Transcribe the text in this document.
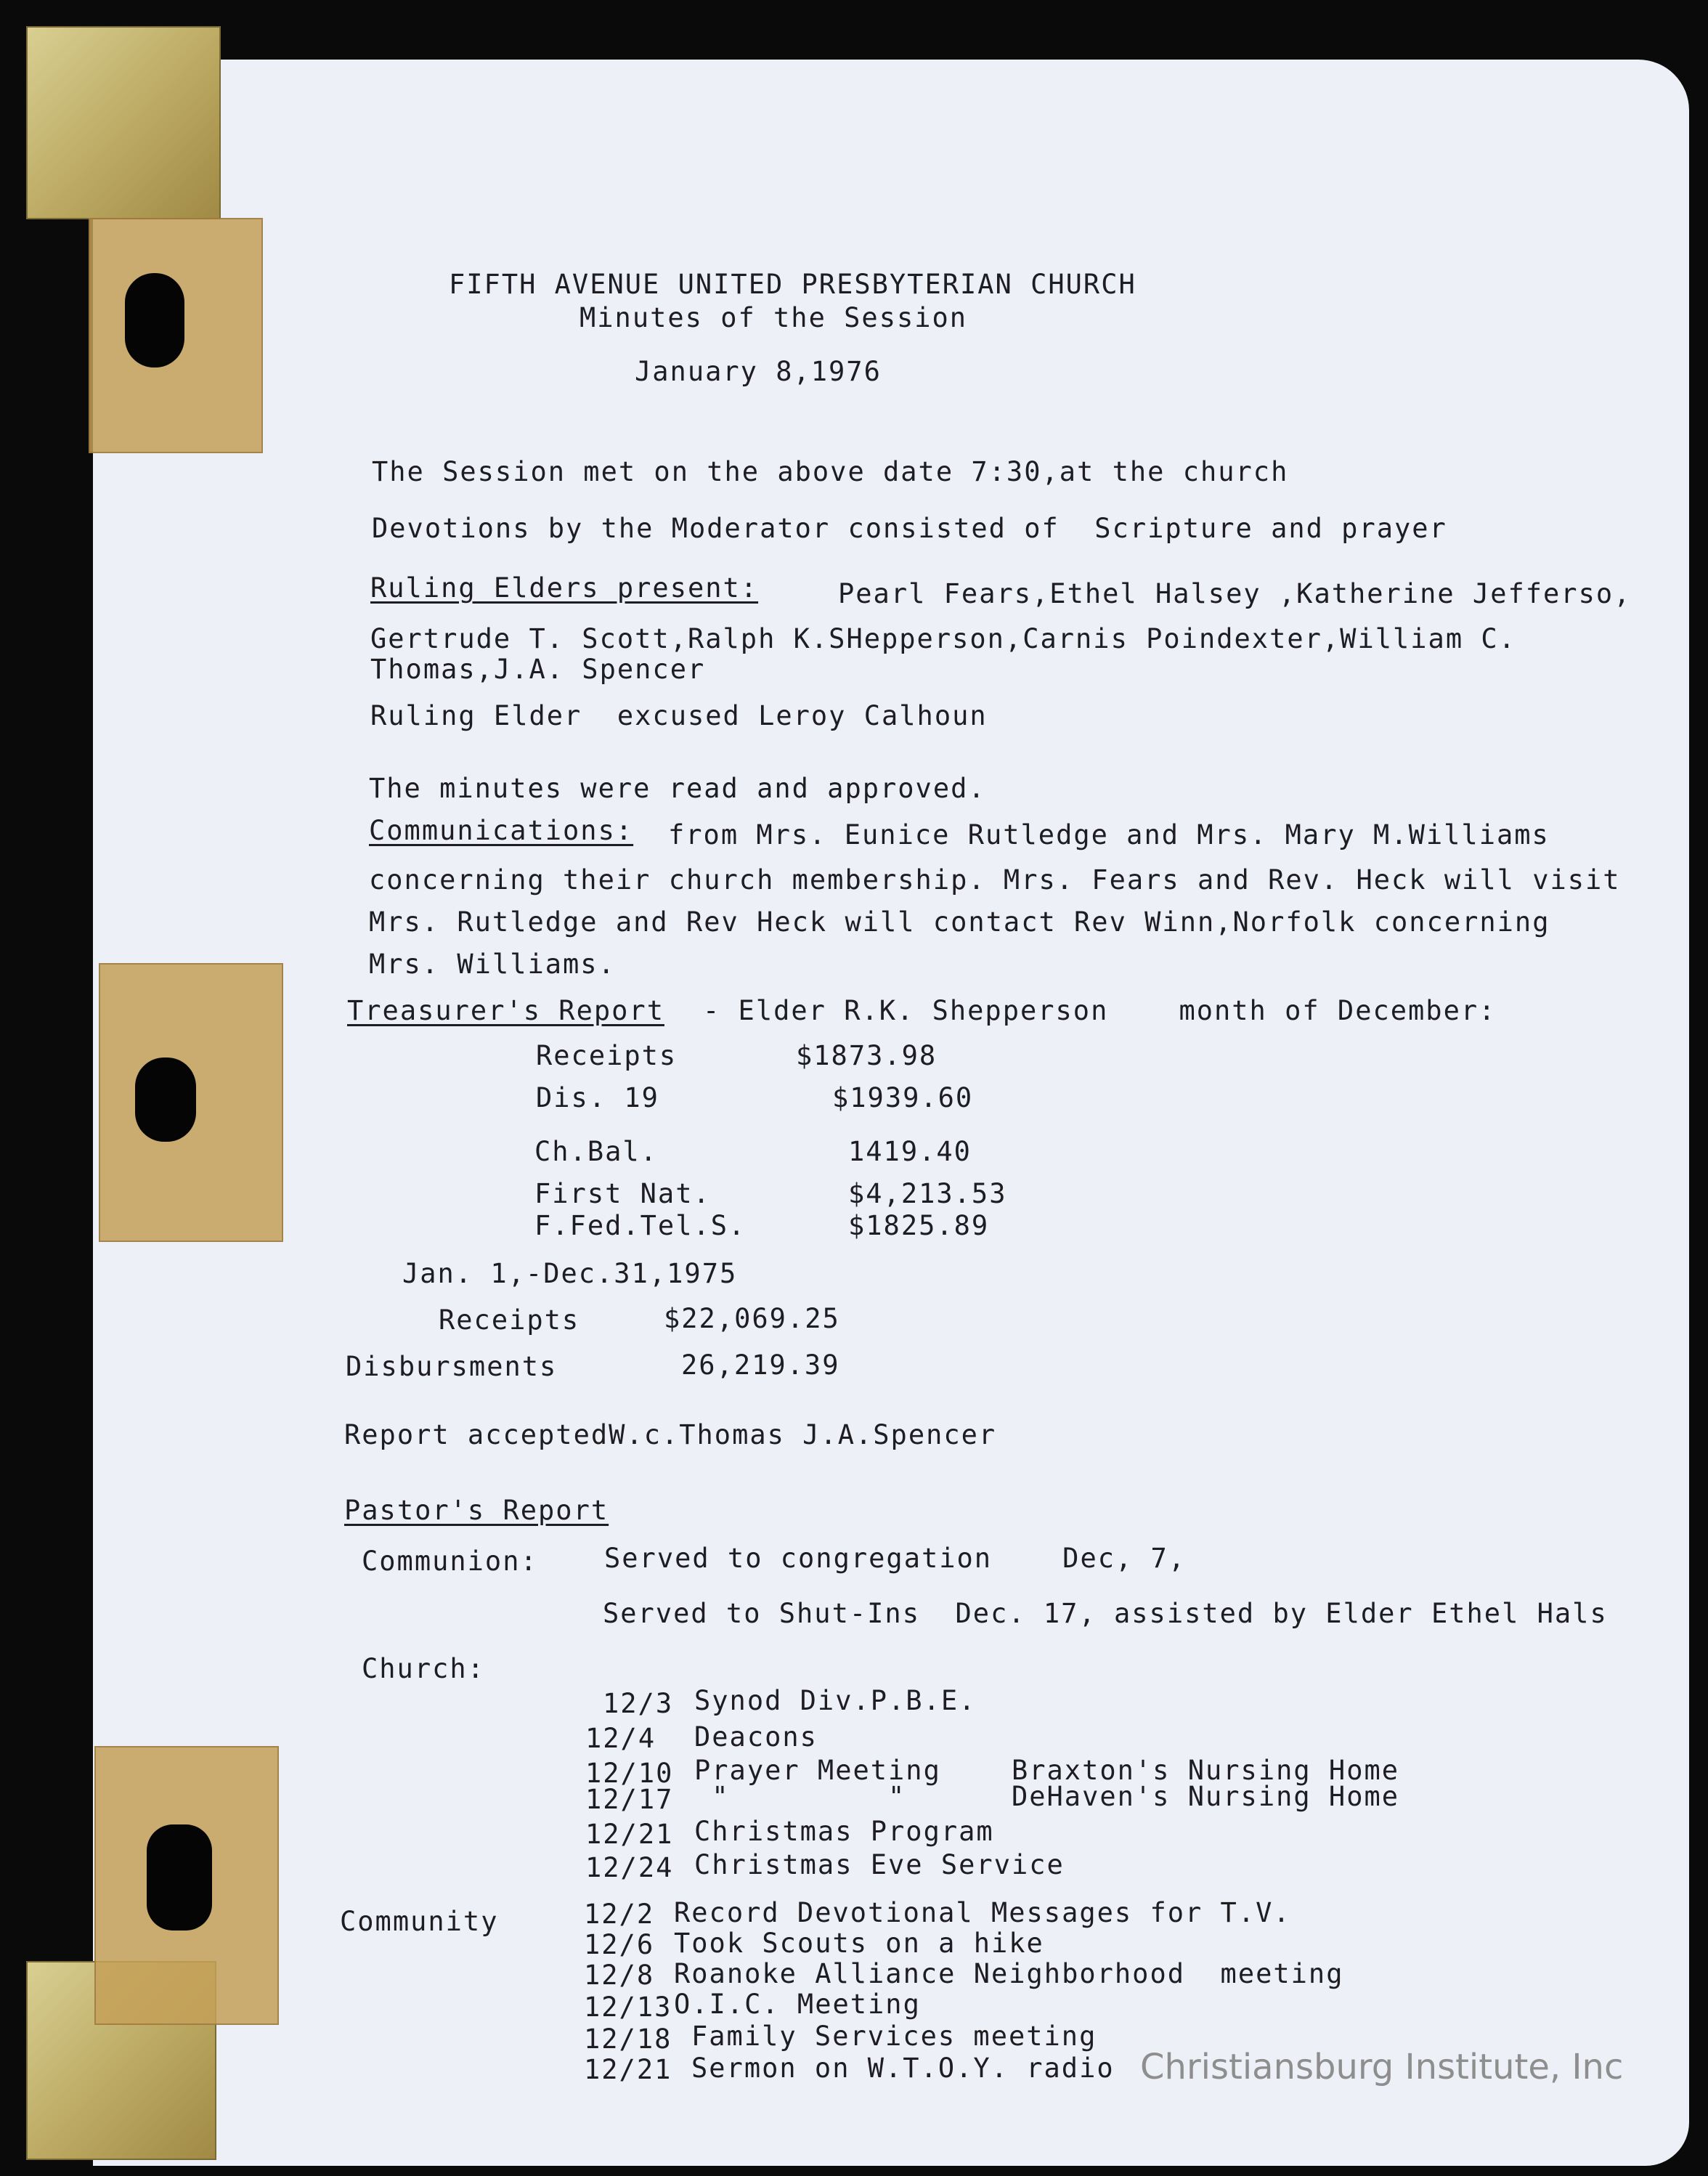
FIFTH AVENUE UNITED PRESBYTERIAN CHURCH
Minutes of the Session
January 8,1976
The Session met on the above date 7:30,at the church
Devotions by the Moderator consisted of  Scripture and prayer
Ruling Elders present:	Pearl Fears,Ethel Halsey ,Katherine Jefferso,
Gertrude T. Scott,Ralph K.SHepperson,Carnis Poindexter,William C.
Thomas,J.A. Spencer
Ruling Elder  excused Leroy Calhoun
The minutes were read and approved.
Communications: from Mrs. Eunice Rutledge and Mrs. Mary M.Williams
concerning their church membership. Mrs. Fears and Rev. Heck will visit
Mrs. Rutledge and Rev Heck will contact Rev Winn,Norfolk concerning
Mrs. Williams.
Treasurer's Report - Elder R.K. Shepperson    month of December:
Receipts	$1873.98
Dis. 19	$1939.60
Ch.Bal.	1419.40
First Nat.	$4,213.53
F.Fed.Tel.S.	$1825.89
Jan. 1,-Dec.31,1975
Receipts	$22,069.25
Disbursments	26,219.39
Report acceptedW.c.Thomas J.A.Spencer
Pastor's Report
Communion: Served to congregation    Dec, 7,
Served to Shut-Ins  Dec. 17, assisted by Elder Ethel Hals
Church:
12/3 Synod Div.P.B.E.
12/4 Deacons
12/10 Prayer Meeting    Braxton's Nursing Home
12/17 "         "      DeHaven's Nursing Home
12/21 Christmas Program
12/24 Christmas Eve Service
Community	12/2 Record Devotional Messages for T.V.
12/6 Took Scouts on a hike
12/8 Roanoke Alliance Neighborhood  meeting
12/13 O.I.C. Meeting
12/18 Family Services meeting
12/21 Sermon on W.T.O.Y. radio Christiansburg Institute, Inc
